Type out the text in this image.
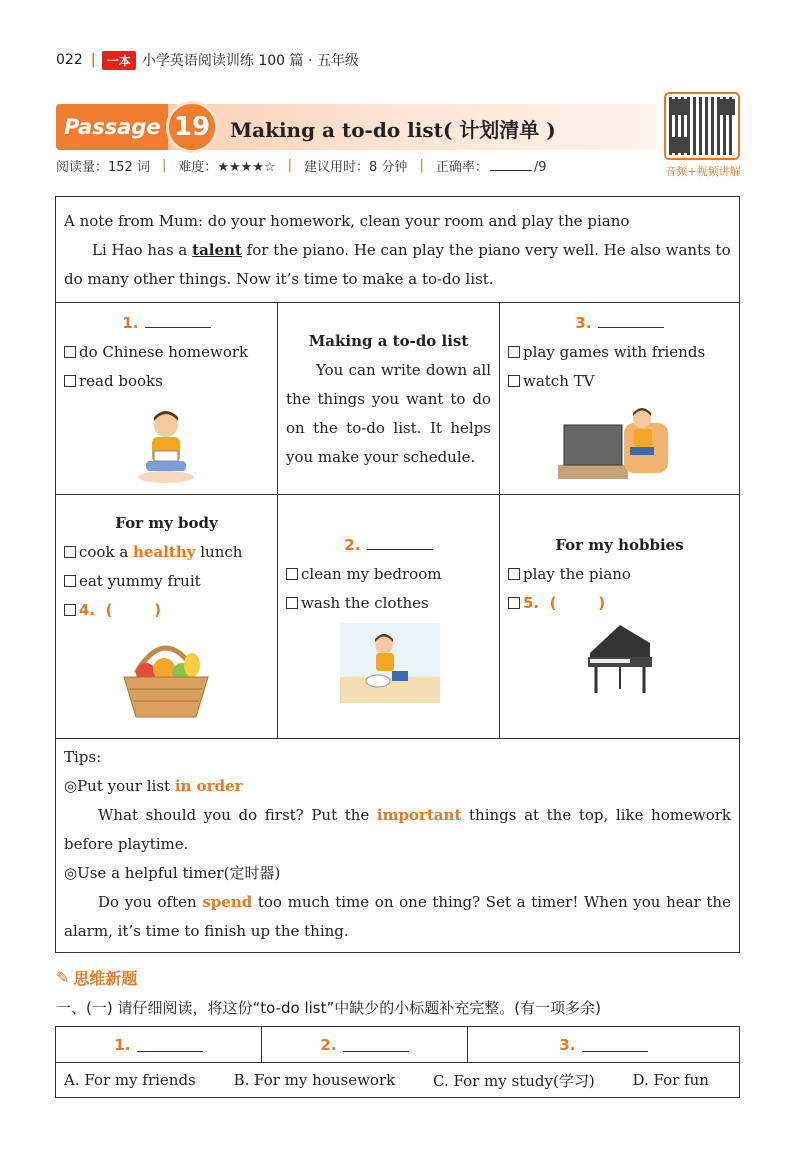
022 | 一本 小学英语阅读训练 100 篇 · 五年级
Passage 19 Making a to-do list( 计划清单 )
音频+视频讲解
阅读量：152 词 | 难度：★★★★☆ | 建议用时：8 分钟 | 正确率：	/9

A note from Mum: do your homework, clean your room and play the piano

Li Hao has a talent for the piano. He can play the piano very well. He also wants to do many other things. Now it’s time to make a to-do list.

1.
do Chinese homework
read books
Making a to-do list

You can write down all the things you want to do on the to-do list. It helps you make your schedule.

3.
play games with friends
watch TV
For my body
cook a healthy lunch
eat yummy fruit
4.  (        )
2.
clean my bedroom
wash the clothes
For my hobbies
play the piano
5.  (        )

Tips:

◎Put your list in order

What should you do first? Put the important things at the top, like homework before playtime.

◎Use a helpful timer(定时器)

Do you often spend too much time on one thing? Set a timer! When you hear the alarm, it’s time to finish up the thing.

✎ 思维新题
一、(一) 请仔细阅读，将这份“to-do list”中缺少的小标题补充完整。(有一项多余)
1.	2.	3.
A. For my friends	B. For my housework	C. For my study(学习)	D. For fun
